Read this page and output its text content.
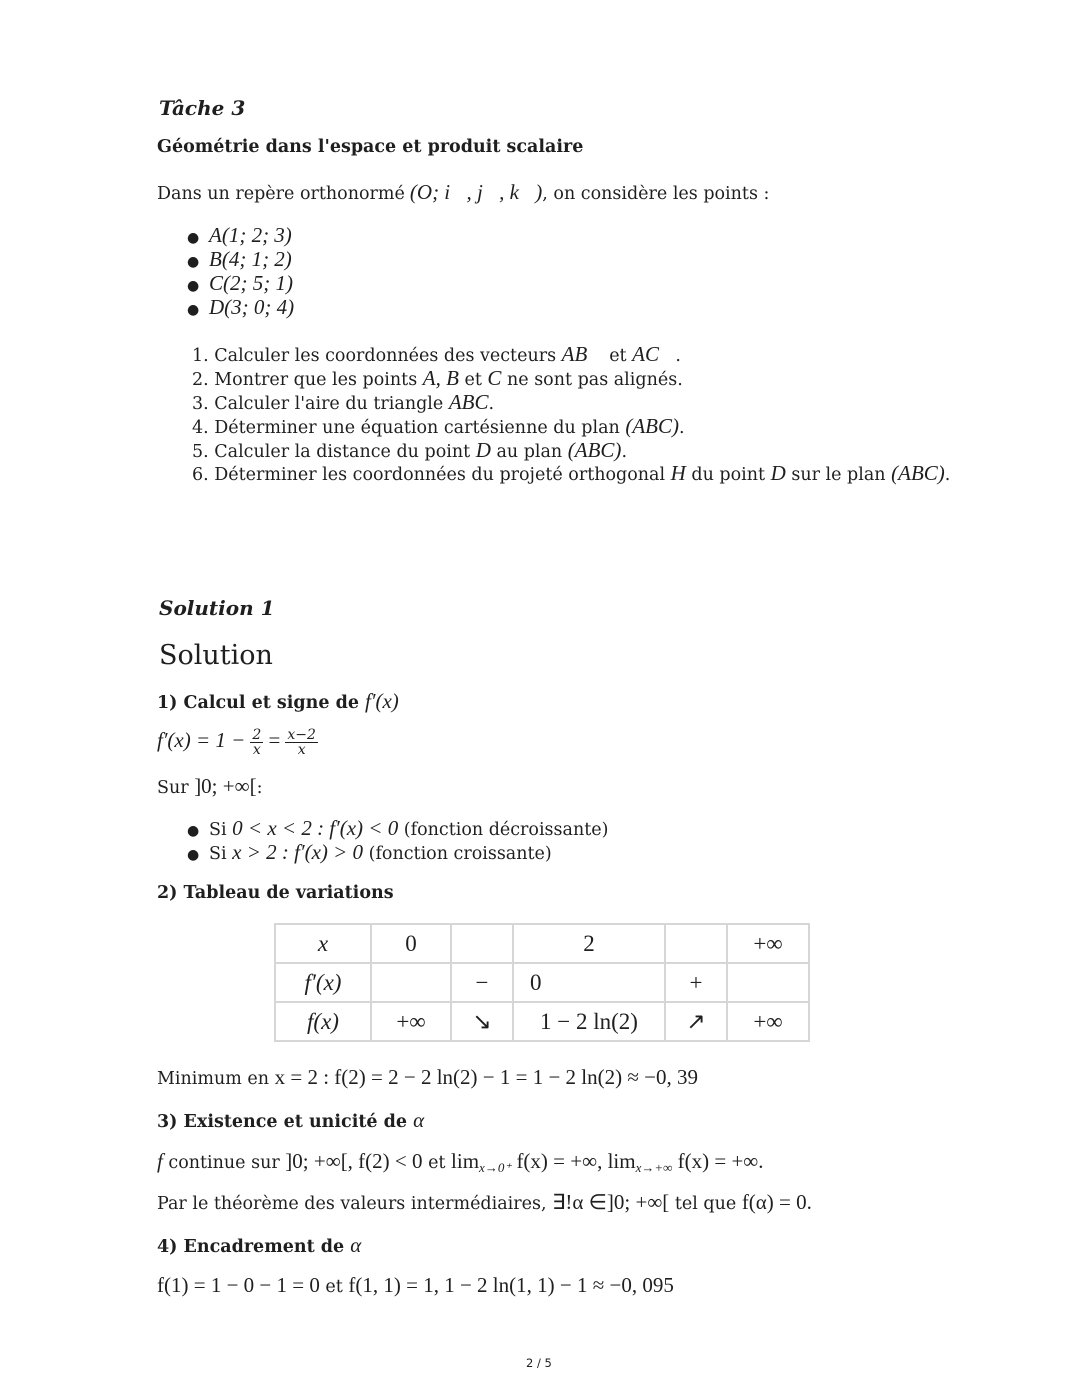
Tâche 3
Géométrie dans l'espace et produit scalaire
Dans un repère orthonormé (O; i⃗, j⃗, k⃗), on considère les points :
● A(1; 2; 3)
● B(4; 1; 2)
● C(2; 5; 1)
● D(3; 0; 4)
1. Calculer les coordonnées des vecteurs AB⃗ et AC⃗.
2. Montrer que les points A, B et C ne sont pas alignés.
3. Calculer l'aire du triangle ABC.
4. Déterminer une équation cartésienne du plan (ABC).
5. Calculer la distance du point D au plan (ABC).
6. Déterminer les coordonnées du projeté orthogonal H du point D sur le plan (ABC).
Solution 1
Solution
1) Calcul et signe de f′(x)
$f'(x) = 1 - \frac{2}{x} = \frac{x-2}{x}$
Sur ]0; +∞[:
● Si 0 < x < 2 : f′(x) < 0 (fonction décroissante)
● Si x > 2 : f′(x) > 0 (fonction croissante)
2) Tableau de variations
x	0		2		+∞
f′(x)		−	0	+	
f(x)	+∞	↘	1 − 2 ln(2)	↗	+∞
Minimum en x = 2 : f(2) = 2 − 2 ln(2) − 1 = 1 − 2 ln(2) ≈ −0, 39
3) Existence et unicité de α
f continue sur ]0; +∞[, f(2) < 0 et $\lim_{x\to 0^+} f(x)$ = +∞, $\lim_{x\to+\infty} f(x)$ = +∞.
Par le théorème des valeurs intermédiaires, ∃!α ∈]0; +∞[ tel que f(α) = 0.
4) Encadrement de α
f(1) = 1 − 0 − 1 = 0 et f(1, 1) = 1, 1 − 2 ln(1, 1) − 1 ≈ −0, 095
2 / 5
